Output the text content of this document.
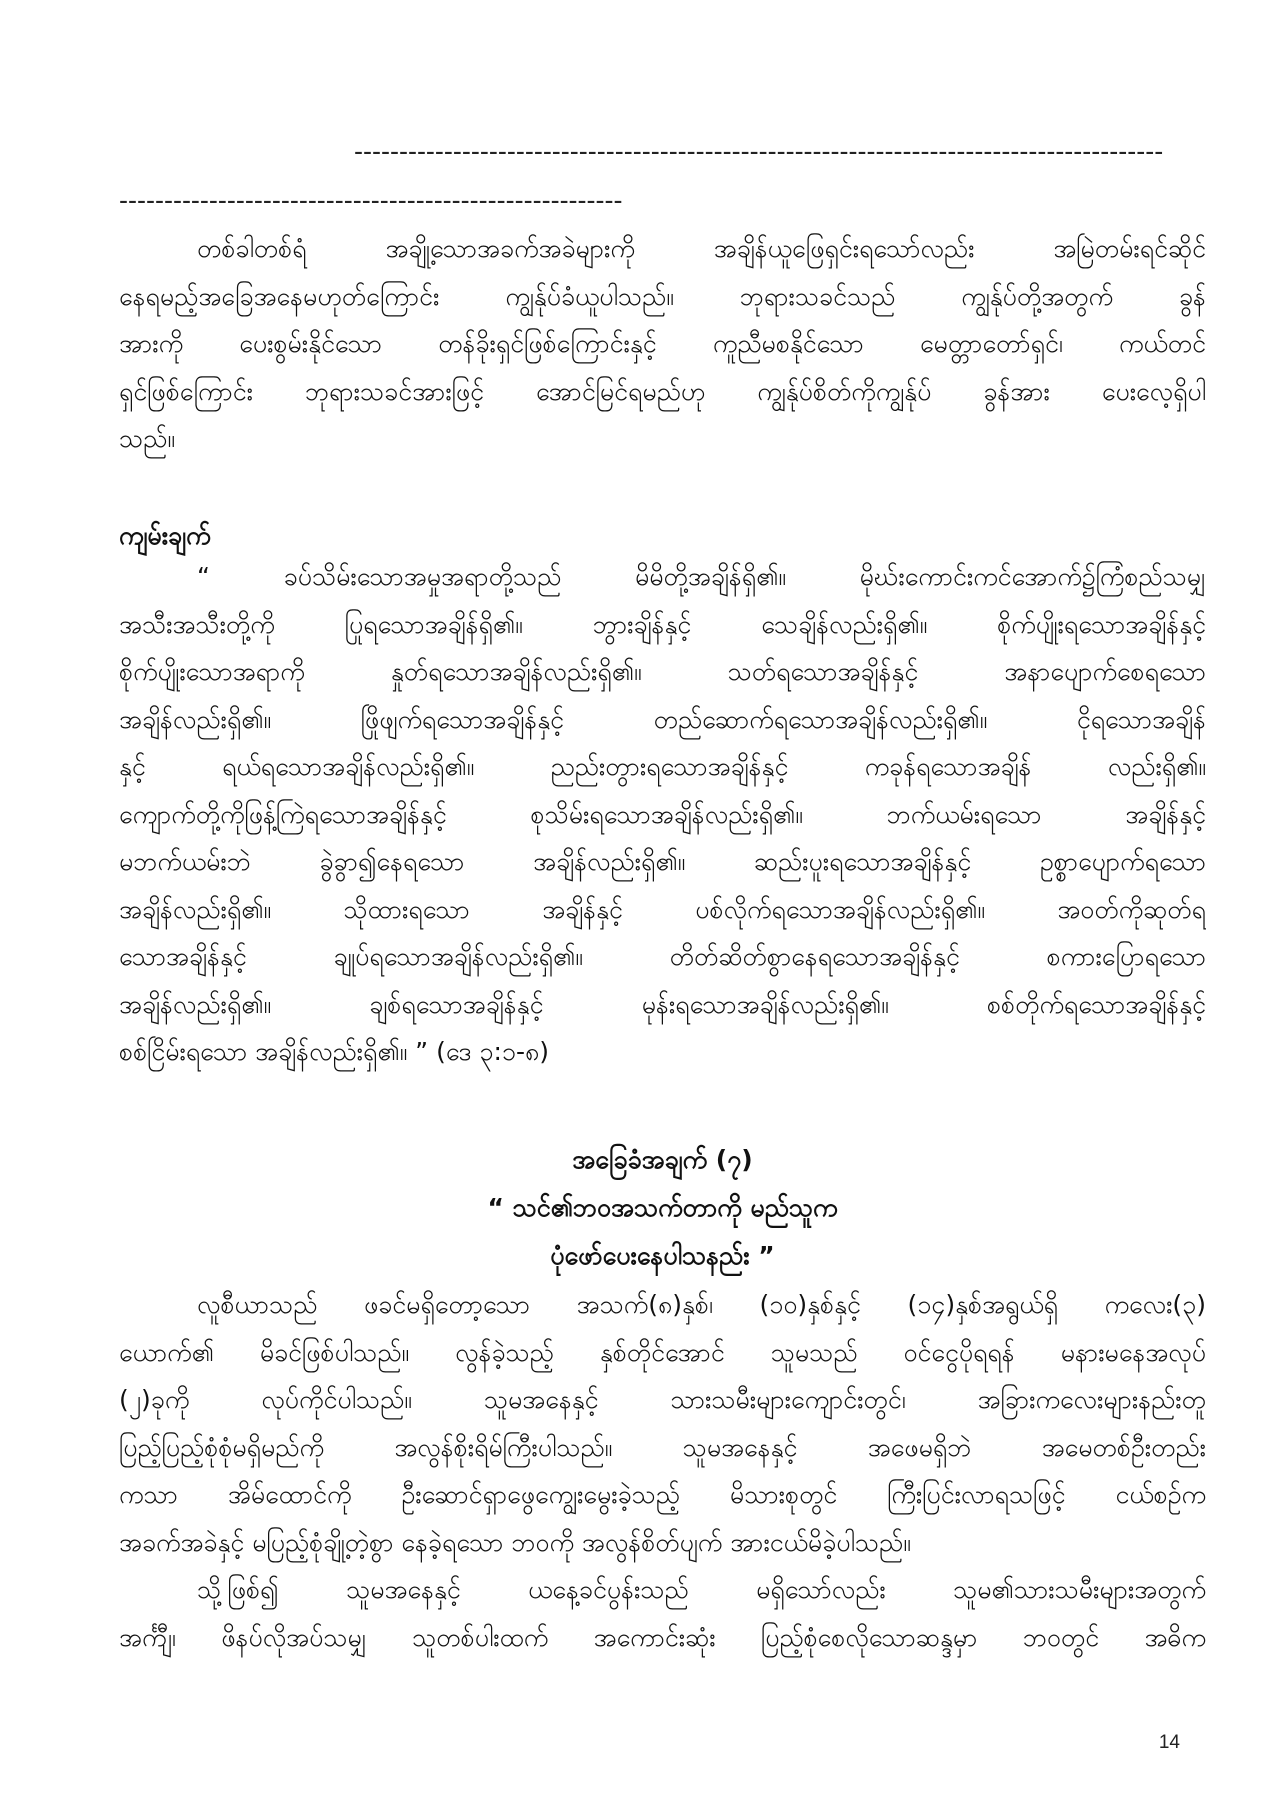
------------------------------------------------------------------------------------------
--------------------------------------------------------
တစ်ခါတစ်ရံ အချို့သောအခက်အခဲများကို အချိန်ယူဖြေရှင်းရသော်လည်း အမြဲတမ်းရင်ဆိုင်
နေရမည့်အခြေအနေမဟုတ်ကြောင်း ကျွန်ုပ်ခံယူပါသည်။ ဘုရားသခင်သည် ကျွန်ုပ်တို့အတွက် ခွန်
အားကို ပေးစွမ်းနိုင်သော တန်ခိုးရှင်ဖြစ်ကြောင်းနှင့် ကူညီမစနိုင်သော မေတ္တာတော်ရှင်၊ ကယ်တင်
ရှင်ဖြစ်ကြောင်း ဘုရားသခင်အားဖြင့် အောင်မြင်ရမည်ဟု ကျွန်ုပ်စိတ်ကိုကျွန်ုပ် ခွန်အား ပေးလေ့ရှိပါ
သည်။
ကျမ်းချက်
“ ခပ်သိမ်းသောအမှုအရာတို့သည် မိမိတို့အချိန်ရှိ၏။ မိုဃ်းကောင်းကင်အောက်၌ကြံစည်သမျှ
အသီးအသီးတို့ကို ပြုရသောအချိန်ရှိ၏။ ဘွားချိန်နှင့် သေချိန်လည်းရှိ၏။ စိုက်ပျိုးရသောအချိန်နှင့်
စိုက်ပျိုးသောအရာကို နှုတ်ရသောအချိန်လည်းရှိ၏။ သတ်ရသောအချိန်နှင့် အနာပျောက်စေရသော
အချိန်လည်းရှိ၏။ ဖြိုဖျက်ရသောအချိန်နှင့် တည်ဆောက်ရသောအချိန်လည်းရှိ၏။ ငိုရသောအချိန်
နှင့် ရယ်ရသောအချိန်လည်းရှိ၏။ ညည်းတွားရသောအချိန်နှင့် ကခုန်ရသောအချိန် လည်းရှိ၏။
ကျောက်တို့ကိုဖြန့်ကြဲရသောအချိန်နှင့် စုသိမ်းရသောအချိန်လည်းရှိ၏။ ဘက်ယမ်းရသော အချိန်နှင့်
မဘက်ယမ်းဘဲ ခွဲခွာ၍နေရသော အချိန်လည်းရှိ၏။ ဆည်းပူးရသောအချိန်နှင့် ဥစ္စာပျောက်ရသော
အချိန်လည်းရှိ၏။ သိုထားရသော အချိန်နှင့် ပစ်လိုက်ရသောအချိန်လည်းရှိ၏။ အဝတ်ကိုဆုတ်ရ
သောအချိန်နှင့် ချုပ်ရသောအချိန်လည်းရှိ၏။ တိတ်ဆိတ်စွာနေရသောအချိန်နှင့် စကားပြောရသော
အချိန်လည်းရှိ၏။ ချစ်ရသောအချိန်နှင့် မုန်းရသောအချိန်လည်းရှိ၏။ စစ်တိုက်ရသောအချိန်နှင့်
စစ်ငြိမ်းရသော အချိန်လည်းရှိ၏။ ” (ဒေ ၃:၁-၈)
အခြေခံအချက် (၇)
“ သင်၏ဘဝအသက်တာကို မည်သူက
ပုံဖော်ပေးနေပါသနည်း ”
လူစီယာသည် ဖခင်မရှိတော့သော အသက်(၈)နှစ်၊ (၁၀)နှစ်နှင့် (၁၄)နှစ်အရွယ်ရှိ ကလေး(၃)
ယောက်၏ မိခင်ဖြစ်ပါသည်။ လွန်ခဲ့သည့် နှစ်တိုင်အောင် သူမသည် ဝင်ငွေပိုရရန် မနားမနေအလုပ်
(၂)ခုကို လုပ်ကိုင်ပါသည်။ သူမအနေနှင့် သားသမီးများကျောင်းတွင်၊ အခြားကလေးများနည်းတူ
ပြည့်ပြည့်စုံစုံမရှိမည်ကို အလွန်စိုးရိမ်ကြီးပါသည်။ သူမအနေနှင့် အဖေမရှိဘဲ အမေတစ်ဦးတည်း
ကသာ အိမ်ထောင်ကို ဦးဆောင်ရှာဖွေကျွေးမွေးခဲ့သည့် မိသားစုတွင် ကြီးပြင်းလာရသဖြင့် ငယ်စဉ်က
အခက်အခဲနှင့် မပြည့်စုံချို့တဲ့စွာ နေခဲ့ရသော ဘဝကို အလွန်စိတ်ပျက် အားငယ်မိခဲ့ပါသည်။
သို့ဖြစ်၍ သူမအနေနှင့် ယနေ့ခင်ပွန်းသည် မရှိသော်လည်း သူမ၏သားသမီးများအတွက်
အင်္ကျီ၊ ဖိနပ်လိုအပ်သမျှ သူတစ်ပါးထက် အကောင်းဆုံး ပြည့်စုံစေလိုသောဆန္ဒမှာ ဘဝတွင် အဓိက
14
